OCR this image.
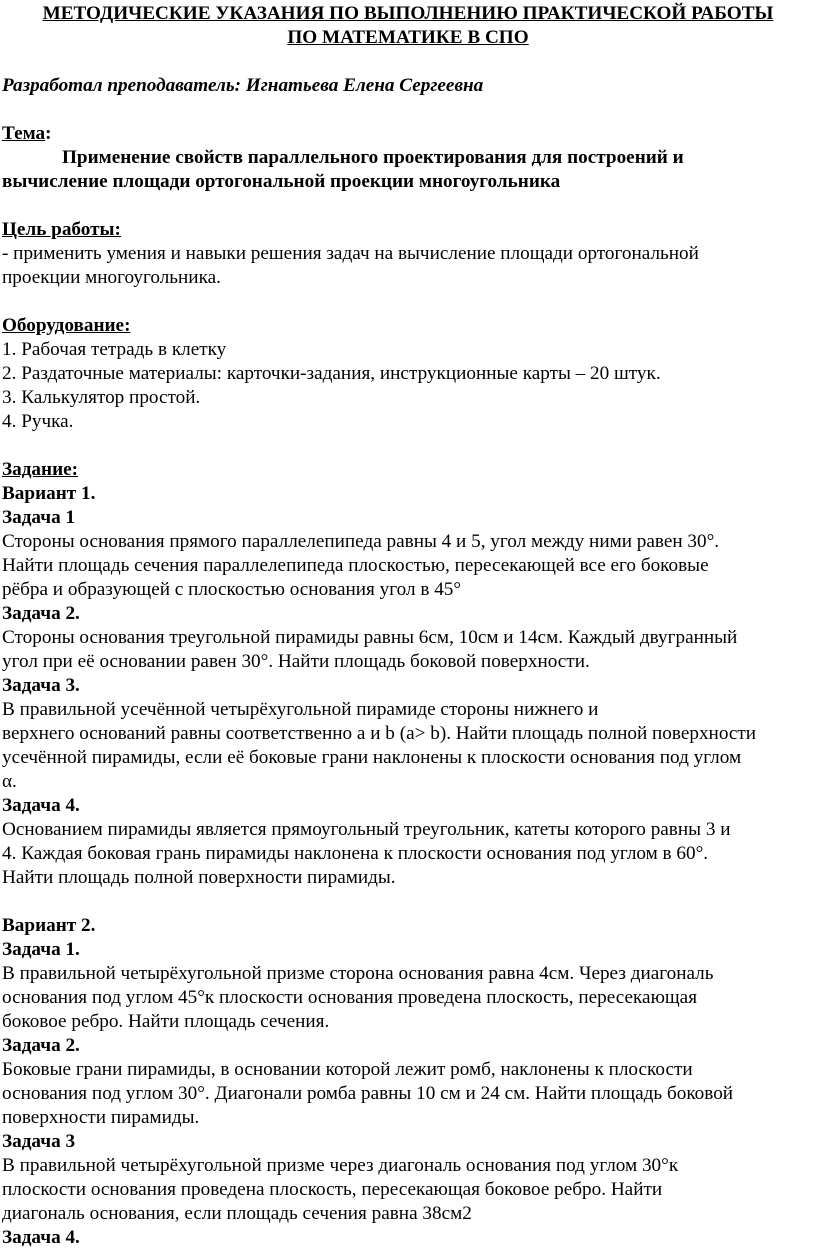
МЕТОДИЧЕСКИЕ УКАЗАНИЯ ПО ВЫПОЛНЕНИЮ ПРАКТИЧЕСКОЙ РАБОТЫ
ПО МАТЕМАТИКЕ В СПО
Разработал преподаватель: Игнатьева Елена Сергеевна
Тема:
Применение свойств параллельного проектирования для построений и
вычисление площади ортогональной проекции многоугольника
Цель работы:
- применить умения и навыки решения задач на вычисление площади ортогональной
проекции многоугольника.
Оборудование:
1. Рабочая тетрадь в клетку
2. Раздаточные материалы: карточки-задания, инструкционные карты – 20 штук.
3. Калькулятор простой.
4. Ручка.
Задание:
Вариант 1.
Задача 1
Стороны основания прямого параллелепипеда равны 4 и 5, угол между ними равен 30°.
Найти площадь сечения параллелепипеда плоскостью, пересекающей все его боковые
рёбра и образующей с плоскостью основания угол в 45°
Задача 2.
Стороны основания треугольной пирамиды равны 6см, 10см и 14см. Каждый двугранный
угол при её основании равен 30°. Найти площадь боковой поверхности.
Задача 3.
В правильной усечённой четырёхугольной пирамиде стороны нижнего и
верхнего оснований равны соответственно a и b (a> b). Найти площадь полной поверхности
усечённой пирамиды, если её боковые грани наклонены к плоскости основания под углом
α.
Задача 4.
Основанием пирамиды является прямоугольный треугольник, катеты которого равны 3 и
4. Каждая боковая грань пирамиды наклонена к плоскости основания под углом в 60°.
Найти площадь полной поверхности пирамиды.
Вариант 2.
Задача 1.
В правильной четырёхугольной призме сторона основания равна 4см. Через диагональ
основания под углом 45°к плоскости основания проведена плоскость, пересекающая
боковое ребро. Найти площадь сечения.
Задача 2.
Боковые грани пирамиды, в основании которой лежит ромб, наклонены к плоскости
основания под углом 30°. Диагонали ромба равны 10 см и 24 см. Найти площадь боковой
поверхности пирамиды.
Задача 3
В правильной четырёхугольной призме через диагональ основания под углом 30°к
плоскости основания проведена плоскость, пересекающая боковое ребро. Найти
диагональ основания, если площадь сечения равна 38см2
Задача 4.
